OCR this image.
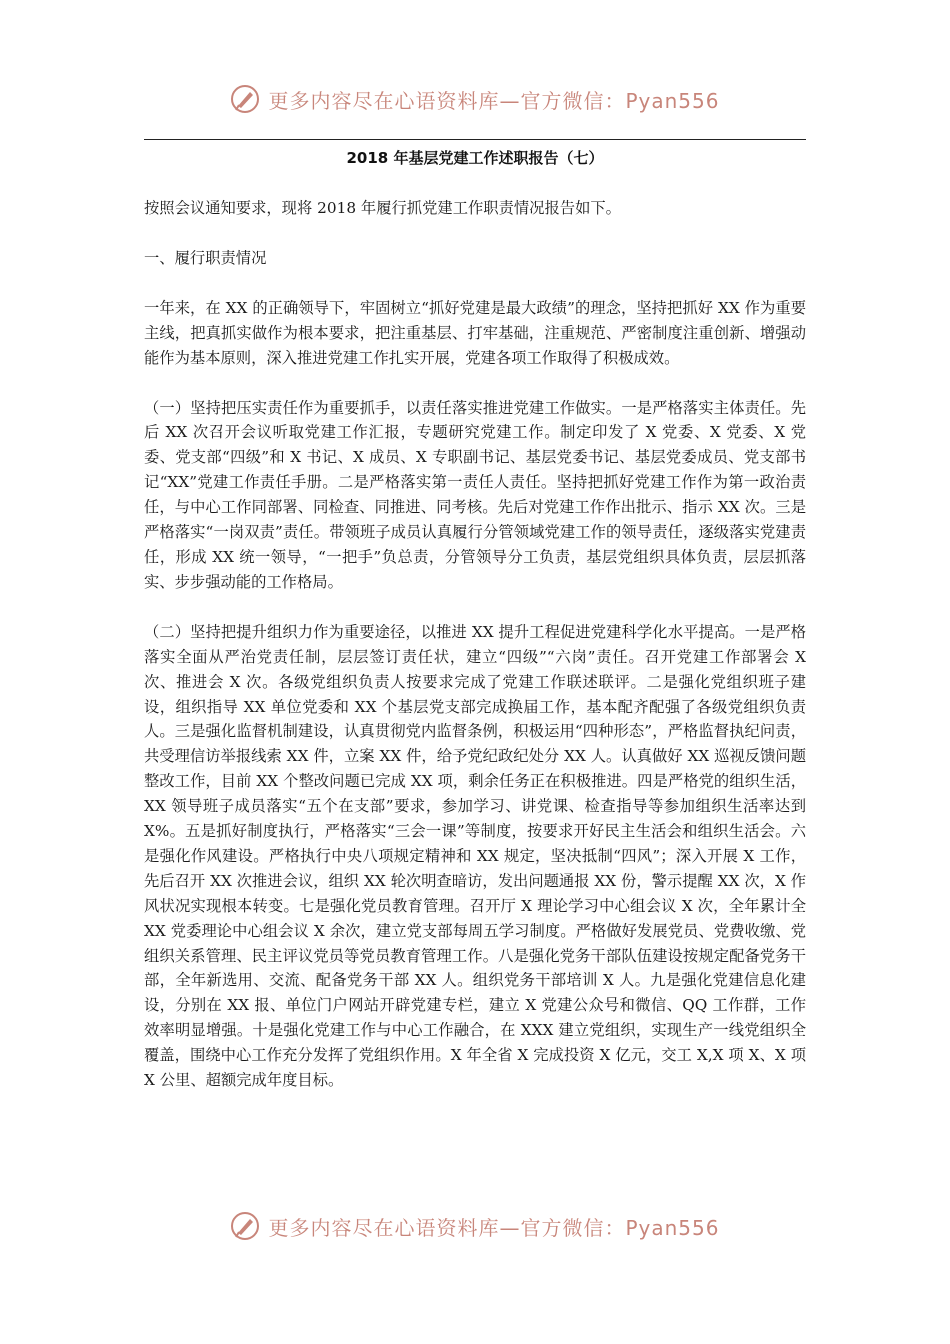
更多内容尽在心语资料库—官方微信：Pyan556
2018 年基层党建工作述职报告（七）

按照会议通知要求，现将 2018 年履行抓党建工作职责情况报告如下。

一、履行职责情况

一年来，在 XX 的正确领导下，牢固树立“抓好党建是最大政绩”的理念，坚持把抓好 XX 作为重要主线，把真抓实做作为根本要求，把注重基层、打牢基础，注重规范、严密制度注重创新、增强动能作为基本原则，深入推进党建工作扎实开展，党建各项工作取得了积极成效。

（一）坚持把压实责任作为重要抓手，以责任落实推进党建工作做实。一是严格落实主体责任。先后 XX 次召开会议听取党建工作汇报，专题研究党建工作。制定印发了 X 党委、X 党委、X 党委、党支部“四级”和 X 书记、X 成员、X 专职副书记、基层党委书记、基层党委成员、党支部书记“XX”党建工作责任手册。二是严格落实第一责任人责任。坚持把抓好党建工作作为第一政治责任，与中心工作同部署、同检查、同推进、同考核。先后对党建工作作出批示、指示 XX 次。三是严格落实“一岗双责”责任。带领班子成员认真履行分管领域党建工作的领导责任，逐级落实党建责任，形成 XX 统一领导，“一把手”负总责，分管领导分工负责，基层党组织具体负责，层层抓落实、步步强动能的工作格局。

（二）坚持把提升组织力作为重要途径，以推进 XX 提升工程促进党建科学化水平提高。一是严格落实全面从严治党责任制，层层签订责任状，建立“四级”“六岗”责任。召开党建工作部署会 X 次、推进会 X 次。各级党组织负责人按要求完成了党建工作联述联评。二是强化党组织班子建设，组织指导 XX 单位党委和 XX 个基层党支部完成换届工作，基本配齐配强了各级党组织负责人。三是强化监督机制建设，认真贯彻党内监督条例，积极运用“四种形态”，严格监督执纪问责，共受理信访举报线索 XX 件，立案 XX 件，给予党纪政纪处分 XX 人。认真做好 XX 巡视反馈问题整改工作，目前 XX 个整改问题已完成 XX 项，剩余任务正在积极推进。四是严格党的组织生活，XX 领导班子成员落实“五个在支部”要求，参加学习、讲党课、检查指导等参加组织生活率达到 X%。五是抓好制度执行，严格落实“三会一课”等制度，按要求开好民主生活会和组织生活会。六是强化作风建设。严格执行中央八项规定精神和 XX 规定，坚决抵制“四风”；深入开展 X 工作，先后召开 XX 次推进会议，组织 XX 轮次明查暗访，发出问题通报 XX 份，警示提醒 XX 次，X 作风状况实现根本转变。七是强化党员教育管理。召开厅 X 理论学习中心组会议 X 次，全年累计全 XX 党委理论中心组会议 X 余次，建立党支部每周五学习制度。严格做好发展党员、党费收缴、党组织关系管理、民主评议党员等党员教育管理工作。八是强化党务干部队伍建设按规定配备党务干部，全年新选用、交流、配备党务干部 XX 人。组织党务干部培训 X 人。九是强化党建信息化建设，分别在 XX 报、单位门户网站开辟党建专栏，建立 X 党建公众号和微信、QQ 工作群，工作效率明显增强。十是强化党建工作与中心工作融合，在 XXX 建立党组织，实现生产一线党组织全覆盖，围绕中心工作充分发挥了党组织作用。X 年全省 X 完成投资 X 亿元，交工 X,X 项 X、X 项 X 公里、超额完成年度目标。

更多内容尽在心语资料库—官方微信：Pyan556
